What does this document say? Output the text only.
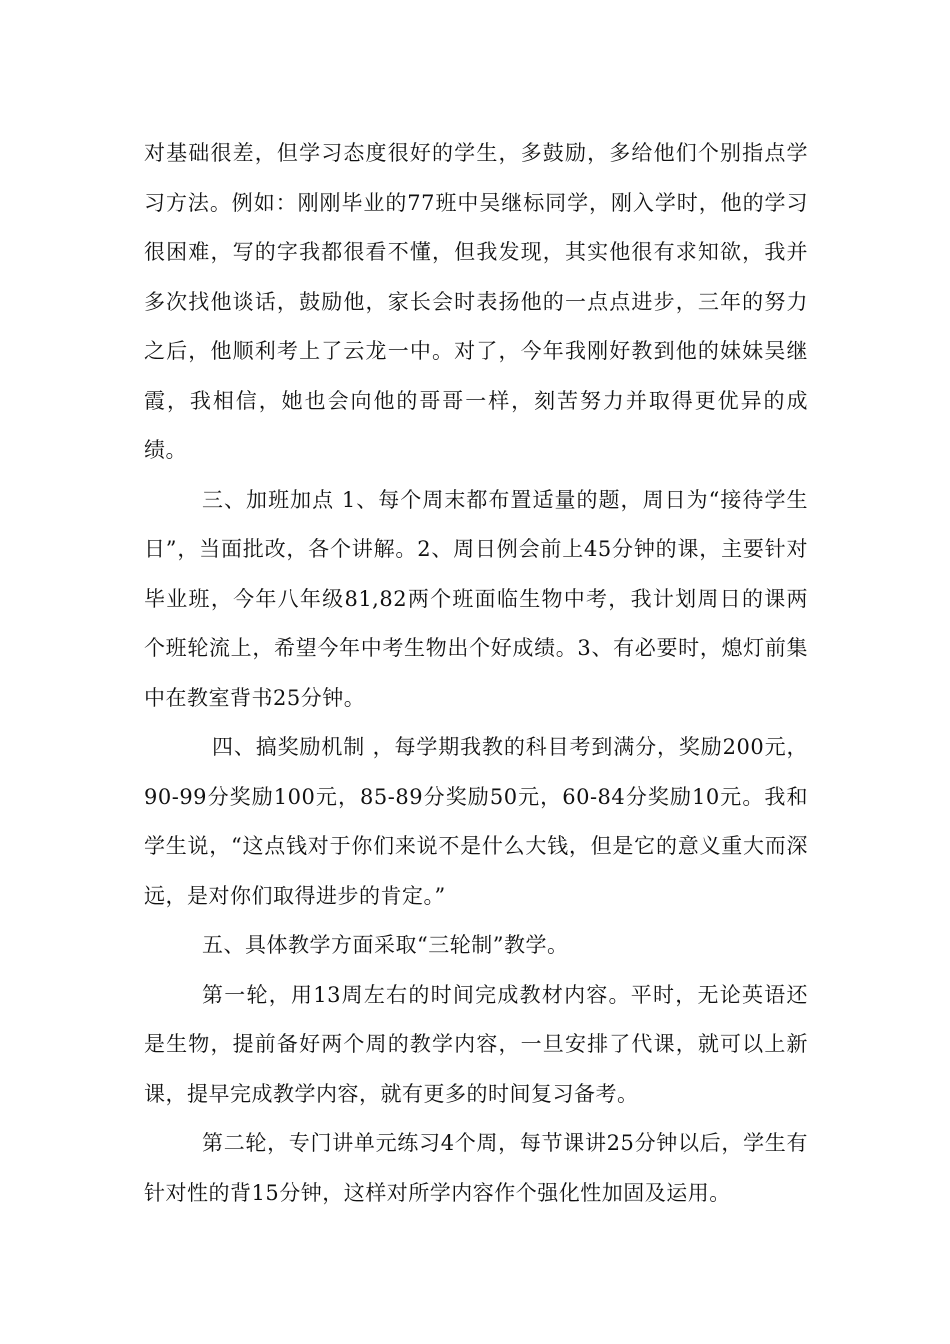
对基础很差，但学习态度很好的学生，多鼓励，多给他们个别指点学习方法。例如：刚刚毕业的77班中吴继标同学，刚入学时，他的学习很困难，写的字我都很看不懂，但我发现，其实他很有求知欲，我并多次找他谈话，鼓励他，家长会时表扬他的一点点进步，三年的努力之后，他顺利考上了云龙一中。对了，今年我刚好教到他的妹妹吴继霞，我相信，她也会向他的哥哥一样，刻苦努力并取得更优异的成绩。

三、加班加点 1、每个周末都布置适量的题，周日为“接待学生日”，当面批改，各个讲解。2、周日例会前上45分钟的课，主要针对毕业班，今年八年级81,82两个班面临生物中考，我计划周日的课两个班轮流上，希望今年中考生物出个好成绩。3、有必要时，熄灯前集中在教室背书25分钟。

四、搞奖励机制 ，每学期我教的科目考到满分，奖励200元，90-99分奖励100元，85-89分奖励50元，60-84分奖励10元。我和学生说，“这点钱对于你们来说不是什么大钱，但是它的意义重大而深远，是对你们取得进步的肯定。”

五、具体教学方面采取“三轮制”教学。

第一轮，用13周左右的时间完成教材内容。平时，无论英语还是生物，提前备好两个周的教学内容，一旦安排了代课，就可以上新课，提早完成教学内容，就有更多的时间复习备考。

第二轮，专门讲单元练习4个周，每节课讲25分钟以后，学生有针对性的背15分钟，这样对所学内容作个强化性加固及运用。
